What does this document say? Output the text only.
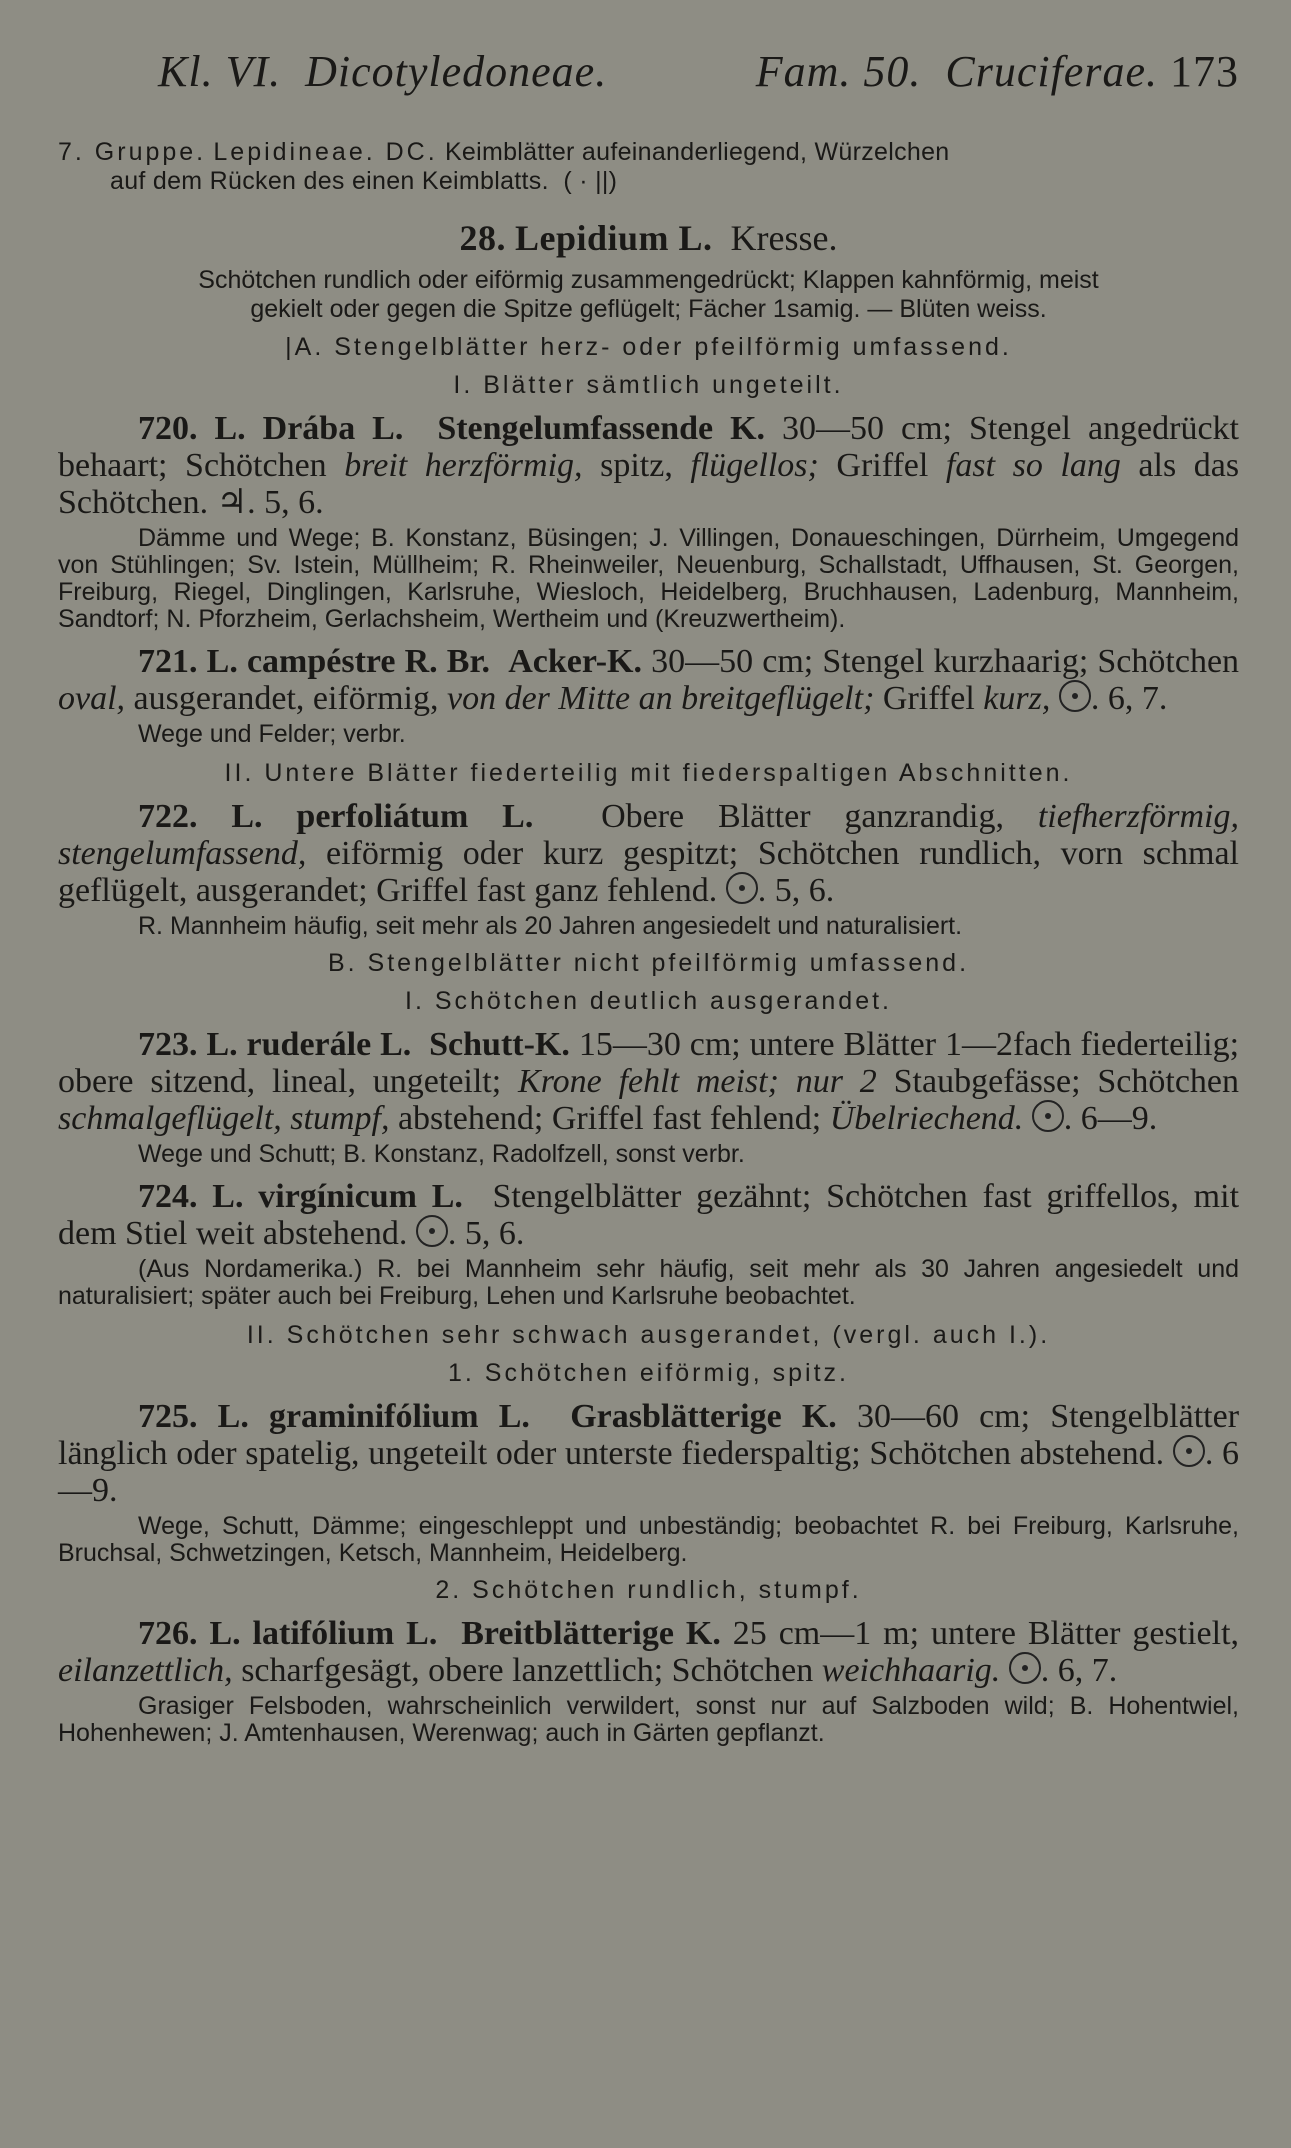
Kl. VI. Dicotyledoneae.	Fam. 50. Cruciferae. 173
7. Gruppe. Lepidineae. DC. Keimblätter aufeinanderliegend, Würzelchen
auf dem Rücken des einen Keimblatts. ( · ||)
28. Lepidium L. Kresse.
Schötchen rundlich oder eiförmig zusammengedrückt; Klappen kahnförmig, meist
gekielt oder gegen die Spitze geflügelt; Fächer 1samig. — Blüten weiss.
|A. Stengelblätter herz- oder pfeilförmig umfassend.
I. Blätter sämtlich ungeteilt.
720. L. Drába L. Stengelumfassende K. 30—50 cm; Stengel angedrückt behaart; Schötchen breit herzförmig, spitz, flügellos; Griffel fast so lang als das Schötchen. ♃. 5, 6.
Dämme und Wege; B. Konstanz, Büsingen; J. Villingen, Donaueschingen, Dürrheim, Umgegend von Stühlingen; Sv. Istein, Müllheim; R. Rheinweiler, Neuenburg, Schallstadt, Uffhausen, St. Georgen, Freiburg, Riegel, Dinglingen, Karlsruhe, Wiesloch, Heidelberg, Bruchhausen, Ladenburg, Mannheim, Sandtorf; N. Pforzheim, Gerlachsheim, Wertheim und (Kreuzwertheim).
721. L. campéstre R. Br. Acker-K. 30—50 cm; Stengel kurzhaarig; Schötchen oval, ausgerandet, eiförmig, von der Mitte an breitgeflügelt; Griffel kurz, . 6, 7.
Wege und Felder; verbr.
II. Untere Blätter fiederteilig mit fiederspaltigen Abschnitten.
722. L. perfoliátum L. Obere Blätter ganzrandig, tiefherzförmig, stengelumfassend, eiförmig oder kurz gespitzt; Schötchen rundlich, vorn schmal geflügelt, ausgerandet; Griffel fast ganz fehlend. . 5, 6.
R. Mannheim häufig, seit mehr als 20 Jahren angesiedelt und naturalisiert.
B. Stengelblätter nicht pfeilförmig umfassend.
I. Schötchen deutlich ausgerandet.
723. L. ruderále L. Schutt-K. 15—30 cm; untere Blätter 1—2fach fiederteilig; obere sitzend, lineal, ungeteilt; Krone fehlt meist; nur 2 Staubgefässe; Schötchen schmalgeflügelt, stumpf, abstehend; Griffel fast fehlend; Übelriechend. . 6—9.
Wege und Schutt; B. Konstanz, Radolfzell, sonst verbr.
724. L. virgínicum L. Stengelblätter gezähnt; Schötchen fast griffellos, mit dem Stiel weit abstehend. . 5, 6.
(Aus Nordamerika.) R. bei Mannheim sehr häufig, seit mehr als 30 Jahren angesiedelt und naturalisiert; später auch bei Freiburg, Lehen und Karlsruhe beobachtet.
II. Schötchen sehr schwach ausgerandet, (vergl. auch I.).
1. Schötchen eiförmig, spitz.
725. L. graminifólium L. Grasblätterige K. 30—60 cm; Stengelblätter länglich oder spatelig, ungeteilt oder unterste fiederspaltig; Schötchen abstehend. . 6—9.
Wege, Schutt, Dämme; eingeschleppt und unbeständig; beobachtet R. bei Freiburg, Karlsruhe, Bruchsal, Schwetzingen, Ketsch, Mannheim, Heidelberg.
2. Schötchen rundlich, stumpf.
726. L. latifólium L. Breitblätterige K. 25 cm—1 m; untere Blätter gestielt, eilanzettlich, scharfgesägt, obere lanzettlich; Schötchen weichhaarig. . 6, 7.
Grasiger Felsboden, wahrscheinlich verwildert, sonst nur auf Salzboden wild; B. Hohentwiel, Hohenhewen; J. Amtenhausen, Werenwag; auch in Gärten gepflanzt.
